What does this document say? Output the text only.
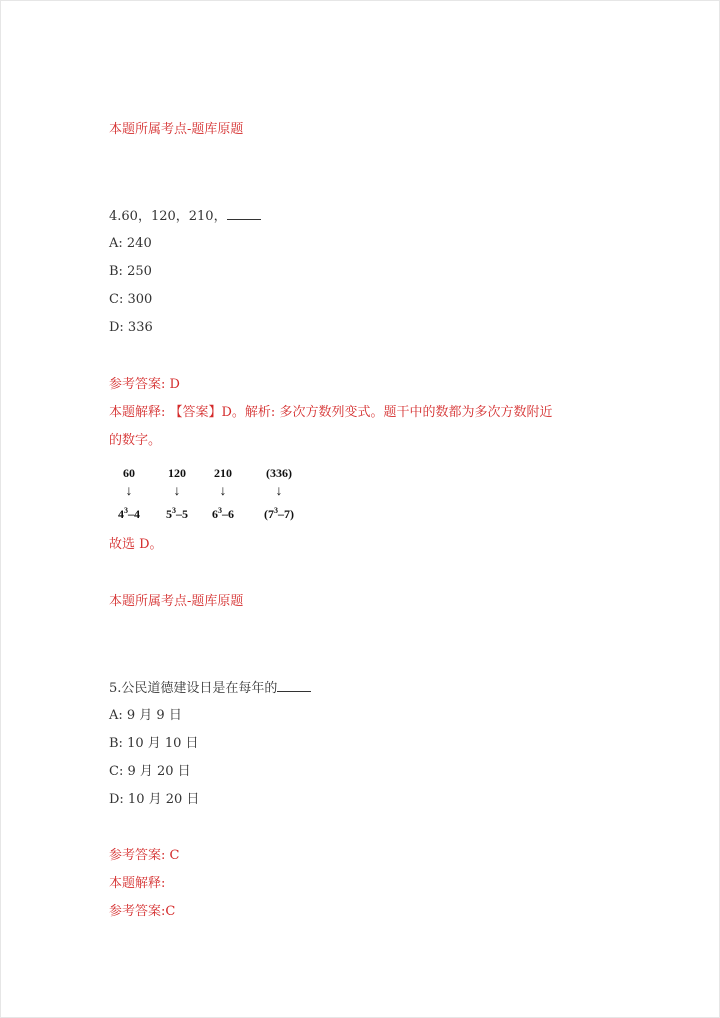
本题所属考点-题库原题
4.60，120，210，
A: 240
B: 250
C: 300
D: 336
参考答案: D
本题解释: 【答案】D。解析: 多次方数列变式。题干中的数都为多次方数附近
的数字。
60
↓
$4^3-4$
120
↓
$5^3-5$
210
↓
$6^3-6$
(336)
↓
$(7^3-7)$
故选 D。
本题所属考点-题库原题
5.公民道德建设日是在每年的
A: 9 月 9 日
B: 10 月 10 日
C: 9 月 20 日
D: 10 月 20 日
参考答案: C
本题解释:
参考答案:C
